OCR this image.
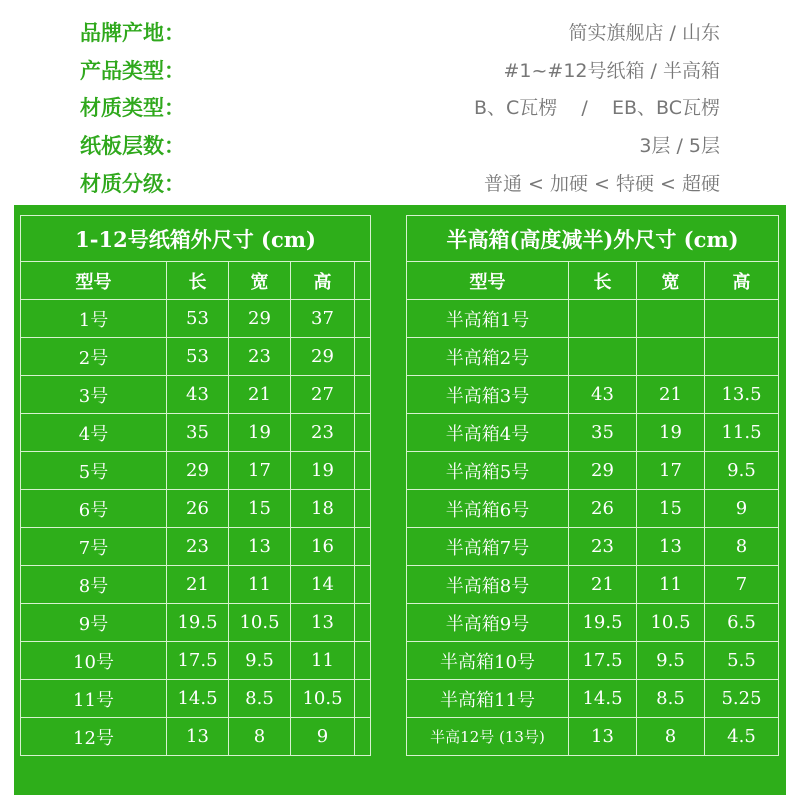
品牌产地：	简实旗舰店 / 山东
产品类型：	#1~#12号纸箱 / 半高箱
材质类型：	B、C瓦楞    /    EB、BC瓦楞
纸板层数：	3层 / 5层
材质分级：	普通 < 加硬 < 特硬 < 超硬
1-12号纸箱外尺寸 (cm)				
型号	长	宽	高	
1号	53	29	37	
2号	53	23	29	
3号	43	21	27	
4号	35	19	23	
5号	29	17	19	
6号	26	15	18	
7号	23	13	16	
8号	21	11	14	
9号	19.5	10.5	13	
10号	17.5	9.5	11	
11号	14.5	8.5	10.5	
12号	13	8	9	
半高箱(高度减半)外尺寸 (cm)			
型号	长	宽	高
半高箱1号			
半高箱2号			
半高箱3号	43	21	13.5
半高箱4号	35	19	11.5
半高箱5号	29	17	9.5
半高箱6号	26	15	9
半高箱7号	23	13	8
半高箱8号	21	11	7
半高箱9号	19.5	10.5	6.5
半高箱10号	17.5	9.5	5.5
半高箱11号	14.5	8.5	5.25
半高12号 (13号)	13	8	4.5
